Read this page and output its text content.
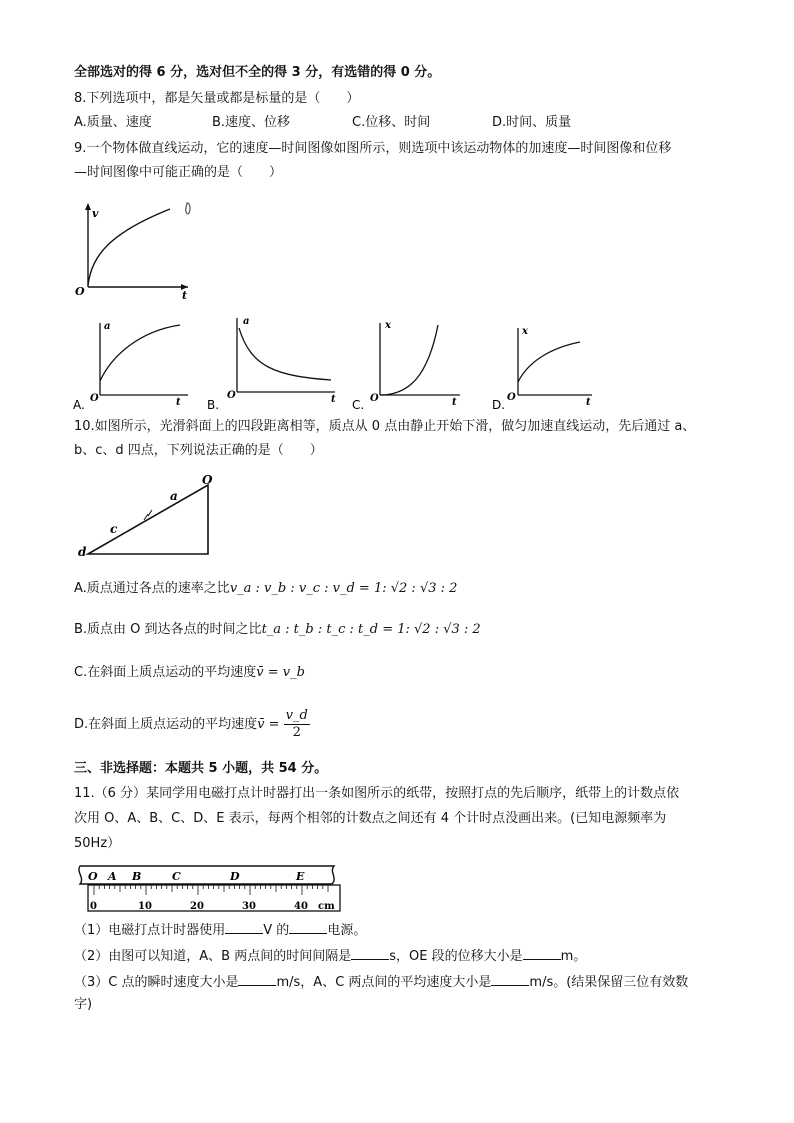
全部选对的得 6 分，选对但不全的得 3 分，有选错的得 0 分。
8.下列选项中，都是矢量或都是标量的是（　　）
A.质量、速度	B.速度、位移	C.位移、时间	D.时间、质量
9.一个物体做直线运动，它的速度—时间图像如图所示，则选项中该运动物体的加速度—时间图像和位移
—时间图像中可能正确的是（　　）
v
t
O
a
t
O
A.
a
t
O
B.
x
t
O
C.
x
t
O
D.
10.如图所示，光滑斜面上的四段距离相等，质点从 0 点由静止开始下滑，做匀加速直线运动，先后通过 a、
b、c、d 四点，下列说法正确的是（　　）
O
a
c
d
A.质点通过各点的速率之比v_a : v_b : v_c : v_d = 1: √2 : √3 : 2
B.质点由 O 到达各点的时间之比t_a : t_b : t_c : t_d = 1: √2 : √3 : 2
C.在斜面上质点运动的平均速度v̄ = v_b
D.在斜面上质点运动的平均速度v̄ = $\frac{v\_d}{2}$
三、非选择题：本题共 5 小题，共 54 分。
11.（6 分）某同学用电磁打点计时器打出一条如图所示的纸带，按照打点的先后顺序，纸带上的计数点依
次用 O、A、B、C、D、E 表示，每两个相邻的计数点之间还有 4 个计时点没画出来。(已知电源频率为
50Hz）
O A B	C	D	E
0	10	20	30	40 cm
（1）电磁打点计时器使用	V 的	电源。
（2）由图可以知道，A、B 两点间的时间间隔是	s，OE 段的位移大小是	m。
（3）C 点的瞬时速度大小是	m/s，A、C 两点间的平均速度大小是	m/s。(结果保留三位有效数
字)
